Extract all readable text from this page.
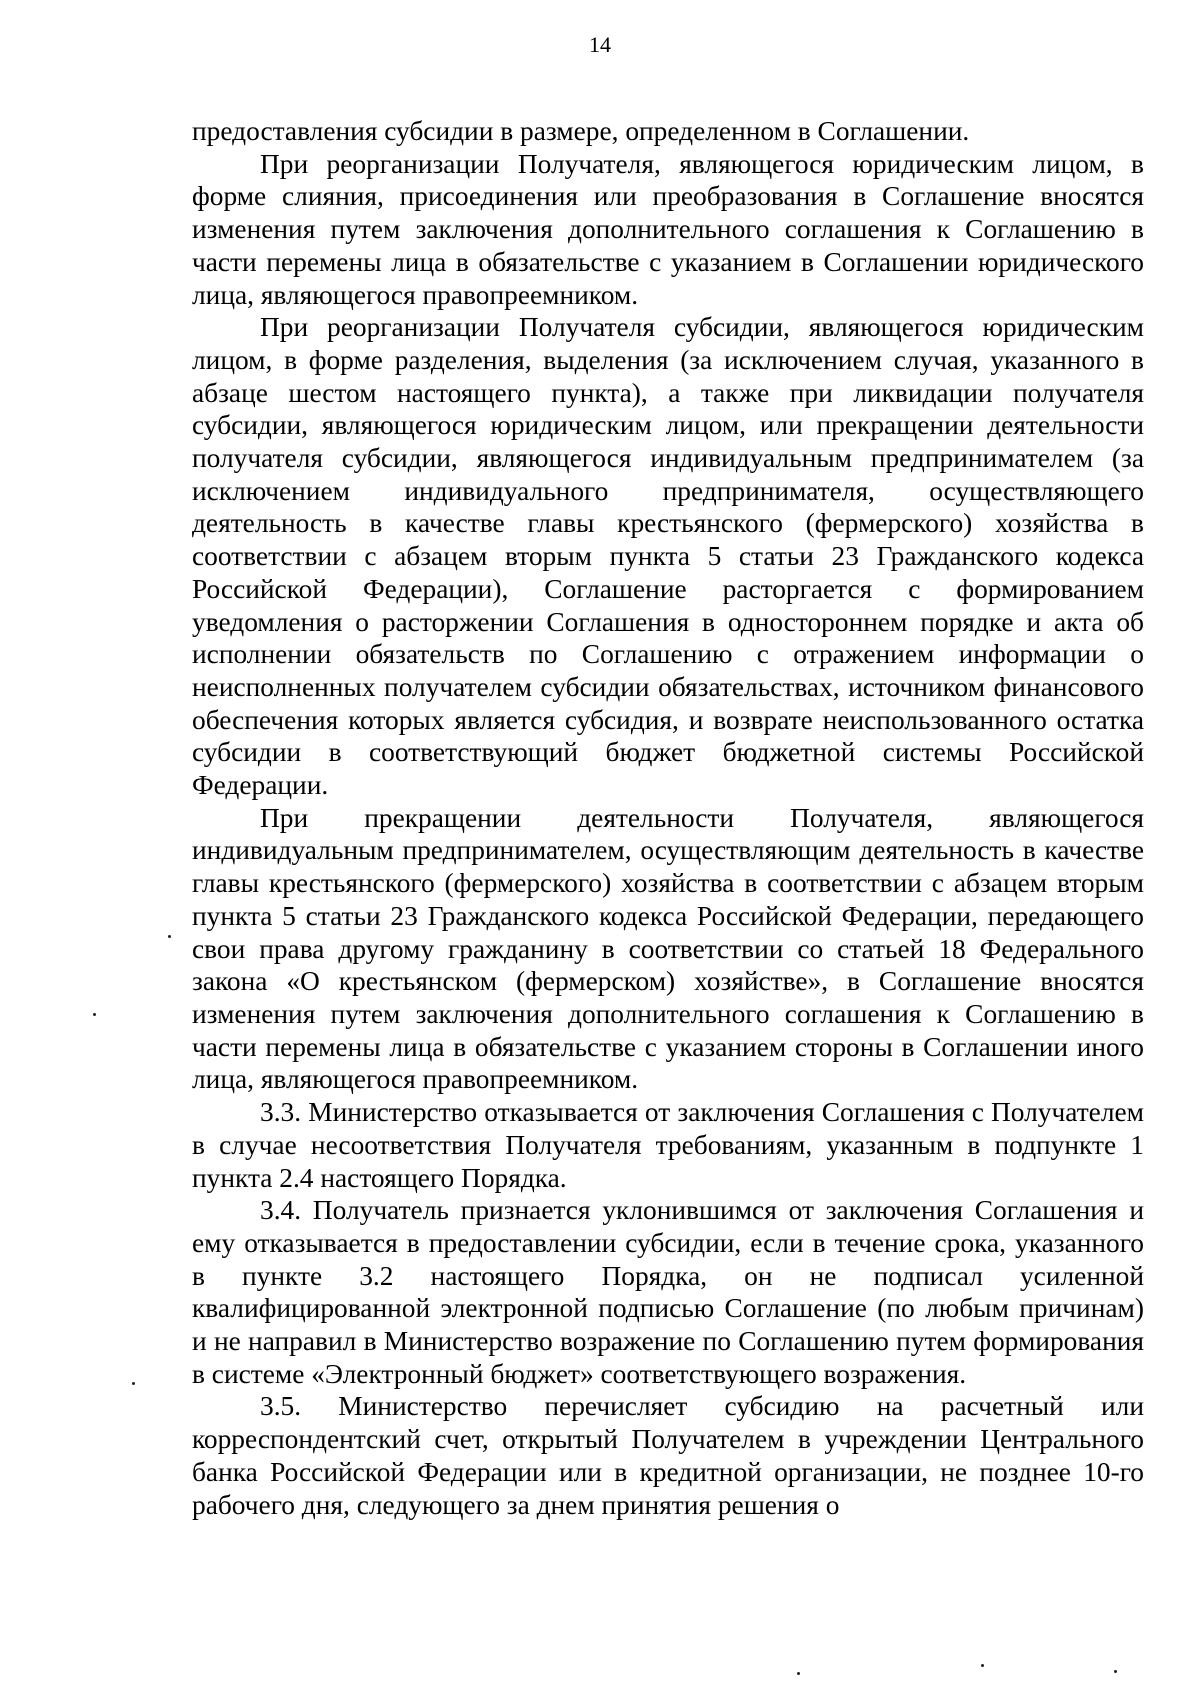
14

предоставления субсидии в размере, определенном в Соглашении.

При реорганизации Получателя, являющегося юридическим лицом, в форме слияния, присоединения или преобразования в Соглашение вносятся изменения путем заключения дополнительного соглашения к Соглашению в части перемены лица в обязательстве с указанием в Соглашении юридического лица, являющегося правопреемником.

При реорганизации Получателя субсидии, являющегося юридическим лицом, в форме разделения, выделения (за исключением случая, указанного в абзаце шестом настоящего пункта), а также при ликвидации получателя субсидии, являющегося юридическим лицом, или прекращении деятельности получателя субсидии, являющегося индивидуальным предпринимателем (за исключением индивидуального предпринимателя, осуществляющего деятельность в качестве главы крестьянского (фермерского) хозяйства в соответствии с абзацем вторым пункта 5 статьи 23 Гражданского кодекса Российской Федерации), Соглашение расторгается с формированием уведомления о расторжении Соглашения в одностороннем порядке и акта об исполнении обязательств по Соглашению с отражением информации о неисполненных получателем субсидии обязательствах, источником финансового обеспечения которых является субсидия, и возврате неиспользованного остатка субсидии в соответствующий бюджет бюджетной системы Российской Федерации.

При прекращении деятельности Получателя, являющегося индивидуальным предпринимателем, осуществляющим деятельность в качестве главы крестьянского (фермерского) хозяйства в соответствии с абзацем вторым пункта 5 статьи 23 Гражданского кодекса Российской Федерации, передающего свои права другому гражданину в соответствии со статьей 18 Федерального закона «О крестьянском (фермерском) хозяйстве», в Соглашение вносятся изменения путем заключения дополнительного соглашения к Соглашению в части перемены лица в обязательстве с указанием стороны в Соглашении иного лица, являющегося правопреемником.

3.3. Министерство отказывается от заключения Соглашения с Получателем в случае несоответствия Получателя требованиям, указанным в подпункте 1 пункта 2.4 настоящего Порядка.

3.4. Получатель признается уклонившимся от заключения Соглашения и ему отказывается в предоставлении субсидии, если в течение срока, указанного в пункте 3.2 настоящего Порядка, он не подписал усиленной квалифицированной электронной подписью Соглашение (по любым причинам) и не направил в Министерство возражение по Соглашению путем формирования в системе «Электронный бюджет» соответствующего возражения.

3.5. Министерство перечисляет субсидию на расчетный или корреспондентский счет, открытый Получателем в учреждении Центрального банка Российской Федерации или в кредитной организации, не позднее 10-го рабочего дня, следующего за днем принятия решения о
